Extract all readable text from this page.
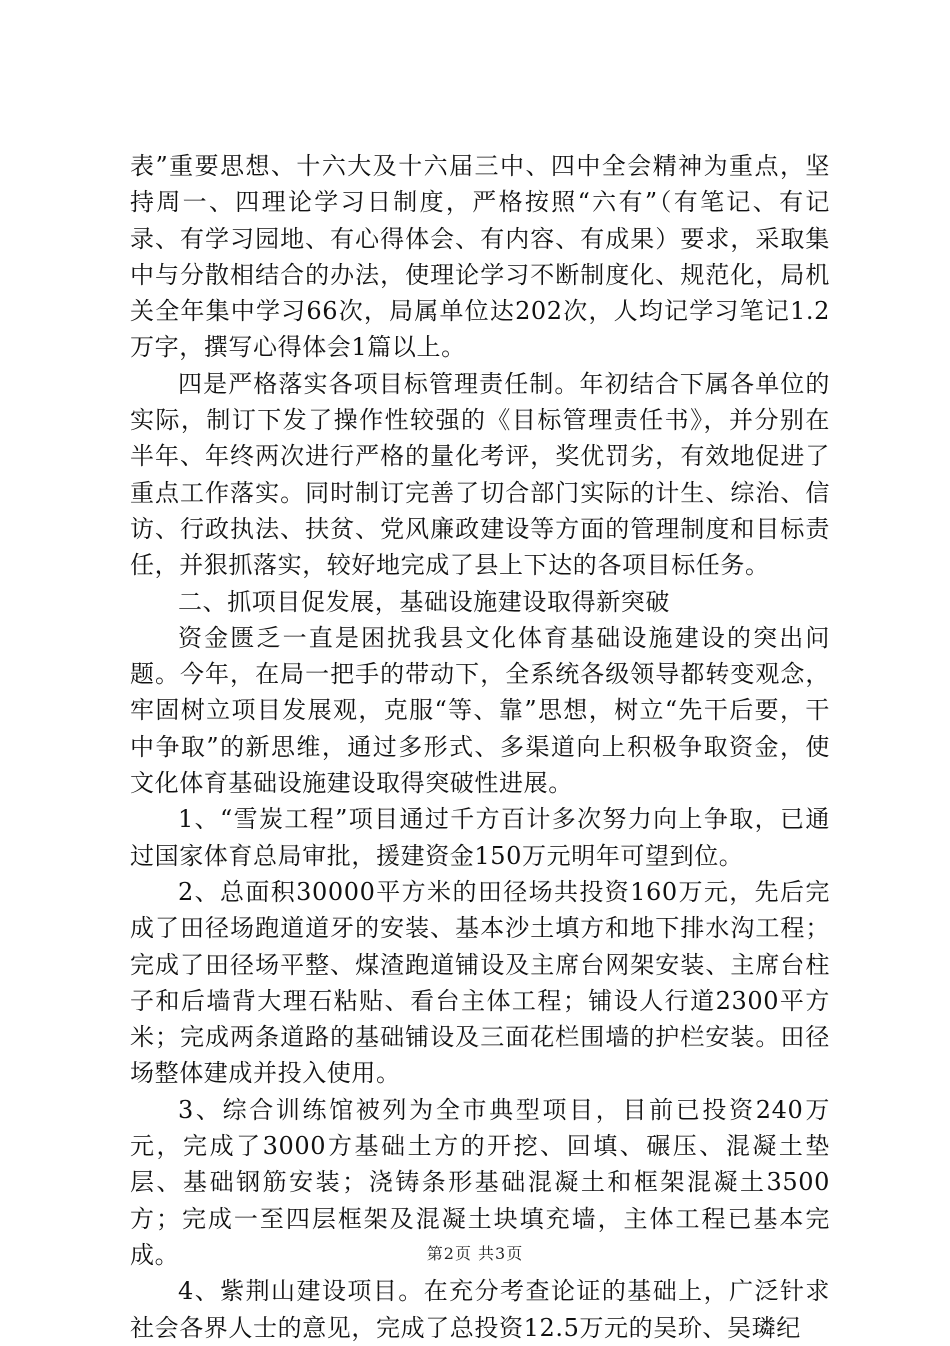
表”重要思想、十六大及十六届三中、四中全会精神为重点，坚持周一、四理论学习日制度，严格按照“六有”（有笔记、有记录、有学习园地、有心得体会、有内容、有成果）要求，采取集中与分散相结合的办法，使理论学习不断制度化、规范化，局机关全年集中学习66次，局属单位达202次，人均记学习笔记1.2万字，撰写心得体会1篇以上。

四是严格落实各项目标管理责任制。年初结合下属各单位的实际，制订下发了操作性较强的《目标管理责任书》，并分别在半年、年终两次进行严格的量化考评，奖优罚劣，有效地促进了重点工作落实。同时制订完善了切合部门实际的计生、综治、信访、行政执法、扶贫、党风廉政建设等方面的管理制度和目标责任，并狠抓落实，较好地完成了县上下达的各项目标任务。

二、抓项目促发展，基础设施建设取得新突破

资金匮乏一直是困扰我县文化体育基础设施建设的突出问题。今年，在局一把手的带动下，全系统各级领导都转变观念，牢固树立项目发展观，克服“等、靠”思想，树立“先干后要，干中争取”的新思维，通过多形式、多渠道向上积极争取资金，使文化体育基础设施建设取得突破性进展。

1、“雪炭工程”项目通过千方百计多次努力向上争取，已通过国家体育总局审批，援建资金150万元明年可望到位。

2、总面积30000平方米的田径场共投资160万元，先后完成了田径场跑道道牙的安装、基本沙土填方和地下排水沟工程；完成了田径场平整、煤渣跑道铺设及主席台网架安装、主席台柱子和后墙背大理石粘贴、看台主体工程；铺设人行道2300平方米；完成两条道路的基础铺设及三面花栏围墙的护栏安装。田径场整体建成并投入使用。

3、综合训练馆被列为全市典型项目，目前已投资240万元，完成了3000方基础土方的开挖、回填、碾压、混凝土垫层、基础钢筋安装；浇铸条形基础混凝土和框架混凝土3500方；完成一至四层框架及混凝土块填充墙，主体工程已基本完成。

4、紫荆山建设项目。在充分考查论证的基础上，广泛针求社会各界人士的意见，完成了总投资12.5万元的吴玠、吴璘纪

第2页 共3页
